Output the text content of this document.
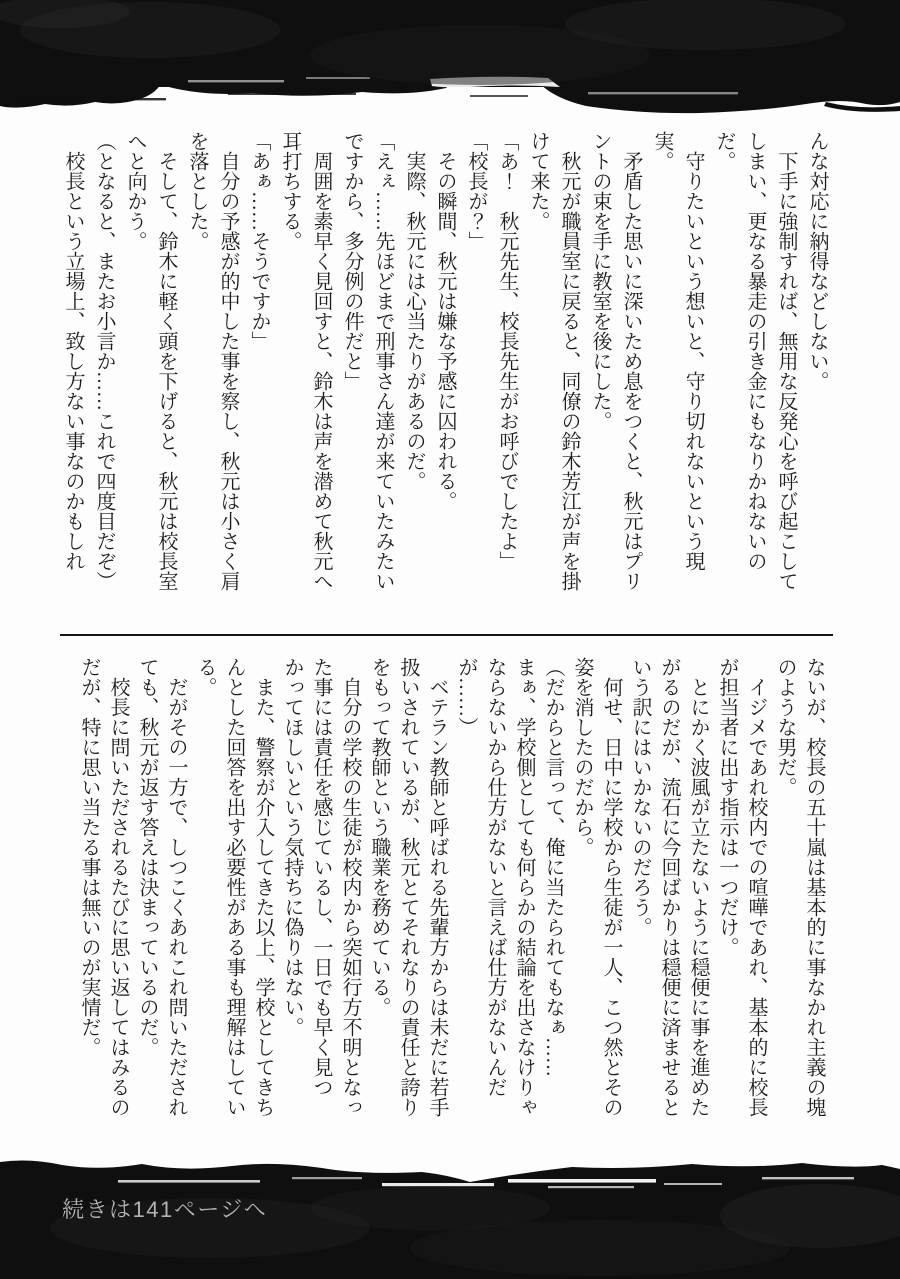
んな対応に納得などしない。

下手に強制すれば、無用な反発心を呼び起こしてしまい、更なる暴走の引き金にもなりかねないのだ。

守りたいという想いと、守り切れないという現実。

矛盾した思いに深いため息をつくと、秋元はプリントの束を手に教室を後にした。

秋元が職員室に戻ると、同僚の鈴木芳江が声を掛けて来た。

「あ！　秋元先生、校長先生がお呼びでしたよ」

「校長が？」

その瞬間、秋元は嫌な予感に囚われる。

実際、秋元には心当たりがあるのだ。

「えぇ……先ほどまで刑事さん達が来ていたみたいですから、多分例の件だと」

周囲を素早く見回すと、鈴木は声を潜めて秋元へ耳打ちする。

「あぁ……そうですか」

自分の予感が的中した事を察し、秋元は小さく肩を落とした。

そして、鈴木に軽く頭を下げると、秋元は校長室へと向かう。

（となると、またお小言か……これで四度目だぞ）

校長という立場上、致し方ない事なのかもしれ

ないが、校長の五十嵐は基本的に事なかれ主義の塊のような男だ。

イジメであれ校内での喧嘩であれ、基本的に校長が担当者に出す指示は一つだけ。

とにかく波風が立たないように穏便に事を進めたがるのだが、流石に今回ばかりは穏便に済ませるという訳にはいかないのだろう。

何せ、日中に学校から生徒が一人、こつ然とその姿を消したのだから。

（だからと言って、俺に当たられてもなぁ……まぁ、学校側としても何らかの結論を出さなけりゃならないから仕方がないと言えば仕方がないんだが……）

ベテラン教師と呼ばれる先輩方からは未だに若手扱いされているが、秋元とてそれなりの責任と誇りをもって教師という職業を務めている。

自分の学校の生徒が校内から突如行方不明となった事には責任を感じているし、一日でも早く見つかってほしいという気持ちに偽りはない。

また、警察が介入してきた以上、学校としてきちんとした回答を出す必要性がある事も理解はしている。

だがその一方で、しつこくあれこれ問いただされても、秋元が返す答えは決まっているのだ。

校長に問いただされるたびに思い返してはみるのだが、特に思い当たる事は無いのが実情だ。

続きは141ページへ
